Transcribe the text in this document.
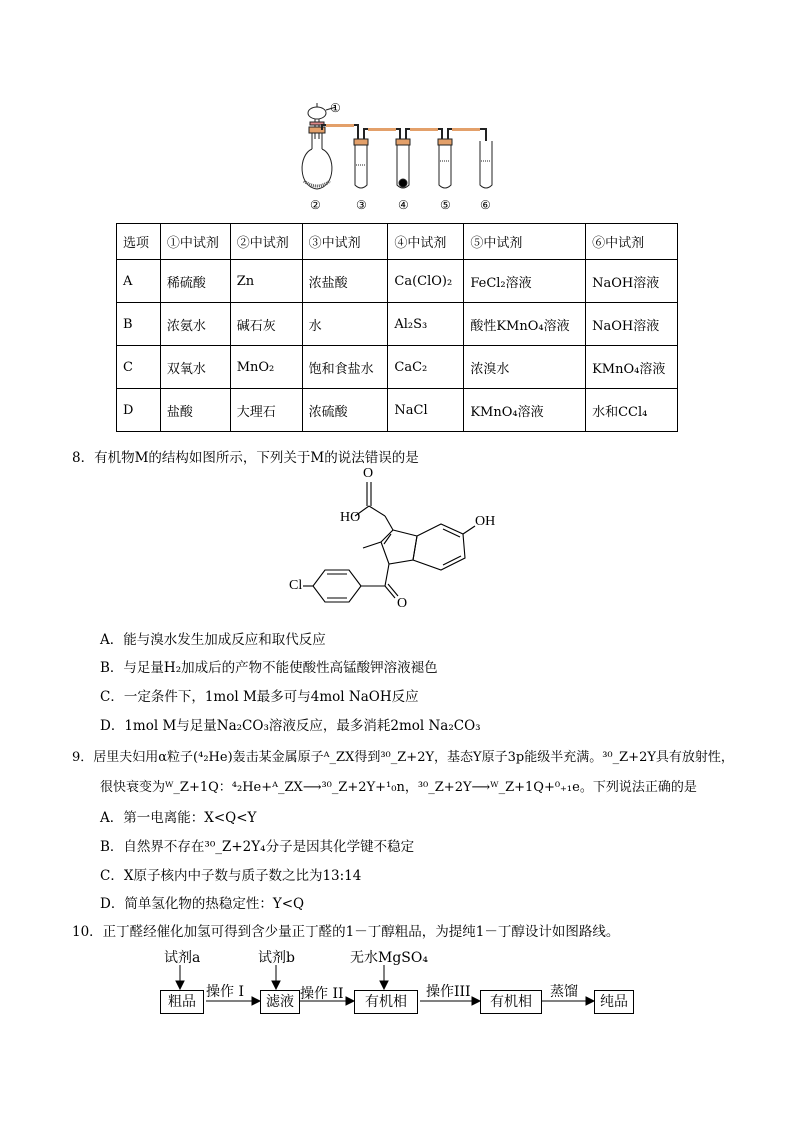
①
②	③	④	⑤ ⑥
选项	①中试剂	②中试剂	③中试剂	④中试剂	⑤中试剂	⑥中试剂
A	稀硫酸	Zn	浓盐酸	Ca(ClO)₂	FeCl₂溶液	NaOH溶液
B	浓氨水	碱石灰	水	Al₂S₃	酸性KMnO₄溶液	NaOH溶液
C	双氧水	MnO₂	饱和食盐水	CaC₂	浓溴水	KMnO₄溶液
D	盐酸	大理石	浓硫酸	NaCl	KMnO₄溶液	水和CCl₄
8．有机物M的结构如图所示，下列关于M的说法错误的是
HO
O
OH
Cl
O
A．能与溴水发生加成反应和取代反应
B．与足量H₂加成后的产物不能使酸性高锰酸钾溶液褪色
C．一定条件下，1mol M最多可与4mol NaOH反应
D．1mol M与足量Na₂CO₃溶液反应，最多消耗2mol Na₂CO₃
9．居里夫妇用α粒子(⁴₂He)轰击某金属原子ᴬ_ZX得到³⁰_Z+2Y，基态Y原子3p能级半充满。³⁰_Z+2Y具有放射性，
很快衰变为ᵂ_Z+1Q：⁴₂He+ᴬ_ZX⟶³⁰_Z+2Y+¹₀n，³⁰_Z+2Y⟶ᵂ_Z+1Q+⁰₊₁e。下列说法正确的是
A．第一电离能：X<Q<Y
B．自然界不存在³⁰_Z+2Y₄分子是因其化学键不稳定
C．X原子核内中子数与质子数之比为13:14
D．简单氢化物的热稳定性：Y<Q
10．正丁醛经催化加氢可得到含少量正丁醛的1－丁醇粗品，为提纯1－丁醇设计如图路线。
试剂a	试剂b	无水MgSO₄
粗品	滤液	有机相	有机相	纯品
操作 I	操作 II	操作III	蒸馏
